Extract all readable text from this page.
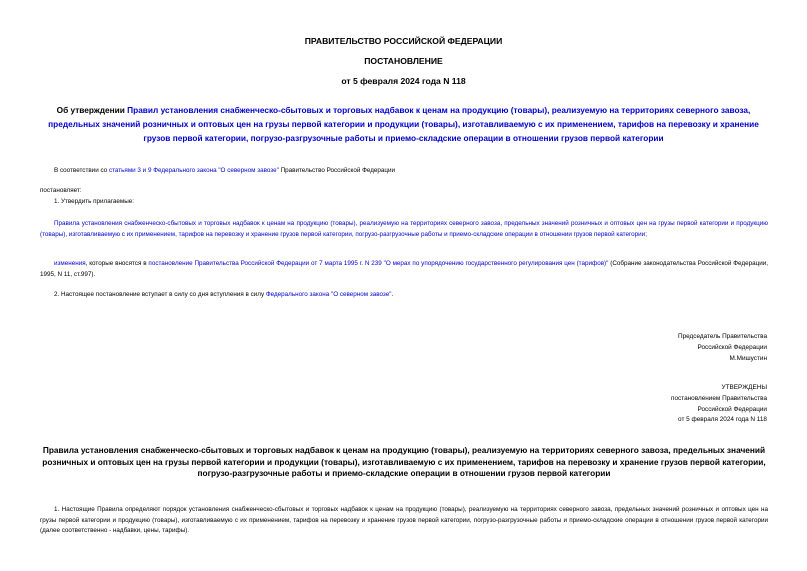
ПРАВИТЕЛЬСТВО РОССИЙСКОЙ ФЕДЕРАЦИИ
ПОСТАНОВЛЕНИЕ
от 5 февраля 2024 года N 118
Об утверждении Правил установления снабженческо-сбытовых и торговых надбавок к ценам на продукцию (товары), реализуемую на территориях северного завоза, предельных значений розничных и оптовых цен на грузы первой категории и продукции (товары), изготавливаемую с их применением, тарифов на перевозку и хранение грузов первой категории, погрузо-разгрузочные работы и приемо-складские операции в отношении грузов первой категории
В соответствии со статьями 3 и 9 Федерального закона "О северном завозе" Правительство Российской Федерации
постановляет:
1. Утвердить прилагаемые:
Правила установления снабженческо-сбытовых и торговых надбавок к ценам на продукцию (товары), реализуемую на территориях северного завоза, предельных значений розничных и оптовых цен на грузы первой категории и продукцию (товары), изготавливаемую с их применением, тарифов на перевозку и хранение грузов первой категории, погрузо-разгрузочные работы и приемо-складские операции в отношении грузов первой категории;
изменения, которые вносятся в постановление Правительства Российской Федерации от 7 марта 1995 г. N 239 "О мерах по упорядочению государственного регулирования цен (тарифов)" (Собрание законодательства Российской Федерации, 1995, N 11, ст.997).
2. Настоящее постановление вступает в силу со дня вступления в силу Федерального закона "О северном завозе".
Председатель Правительства
Российской Федерации
М.Мишустин
УТВЕРЖДЕНЫ
постановлением Правительства
Российской Федерации
от 5 февраля 2024 года N 118
Правила установления снабженческо-сбытовых и торговых надбавок к ценам на продукцию (товары), реализуемую на территориях северного завоза, предельных значений розничных и оптовых цен на грузы первой категории и продукции (товары), изготавливаемую с их применением, тарифов на перевозку и хранение грузов первой категории, погрузо-разгрузочные работы и приемо-складские операции в отношении грузов первой категории
1. Настоящие Правила определяют порядок установления снабженческо-сбытовых и торговых надбавок к ценам на продукцию (товары), реализуемую на территориях северного завоза, предельных значений розничных и оптовых цен на грузы первой категории и продукцию (товары), изготавливаемую с их применением, тарифов на перевозку и хранение грузов первой категории, погрузо-разгрузочные работы и приемо-складские операции в отношении грузов первой категории (далее соответственно - надбавки, цены, тарифы).
